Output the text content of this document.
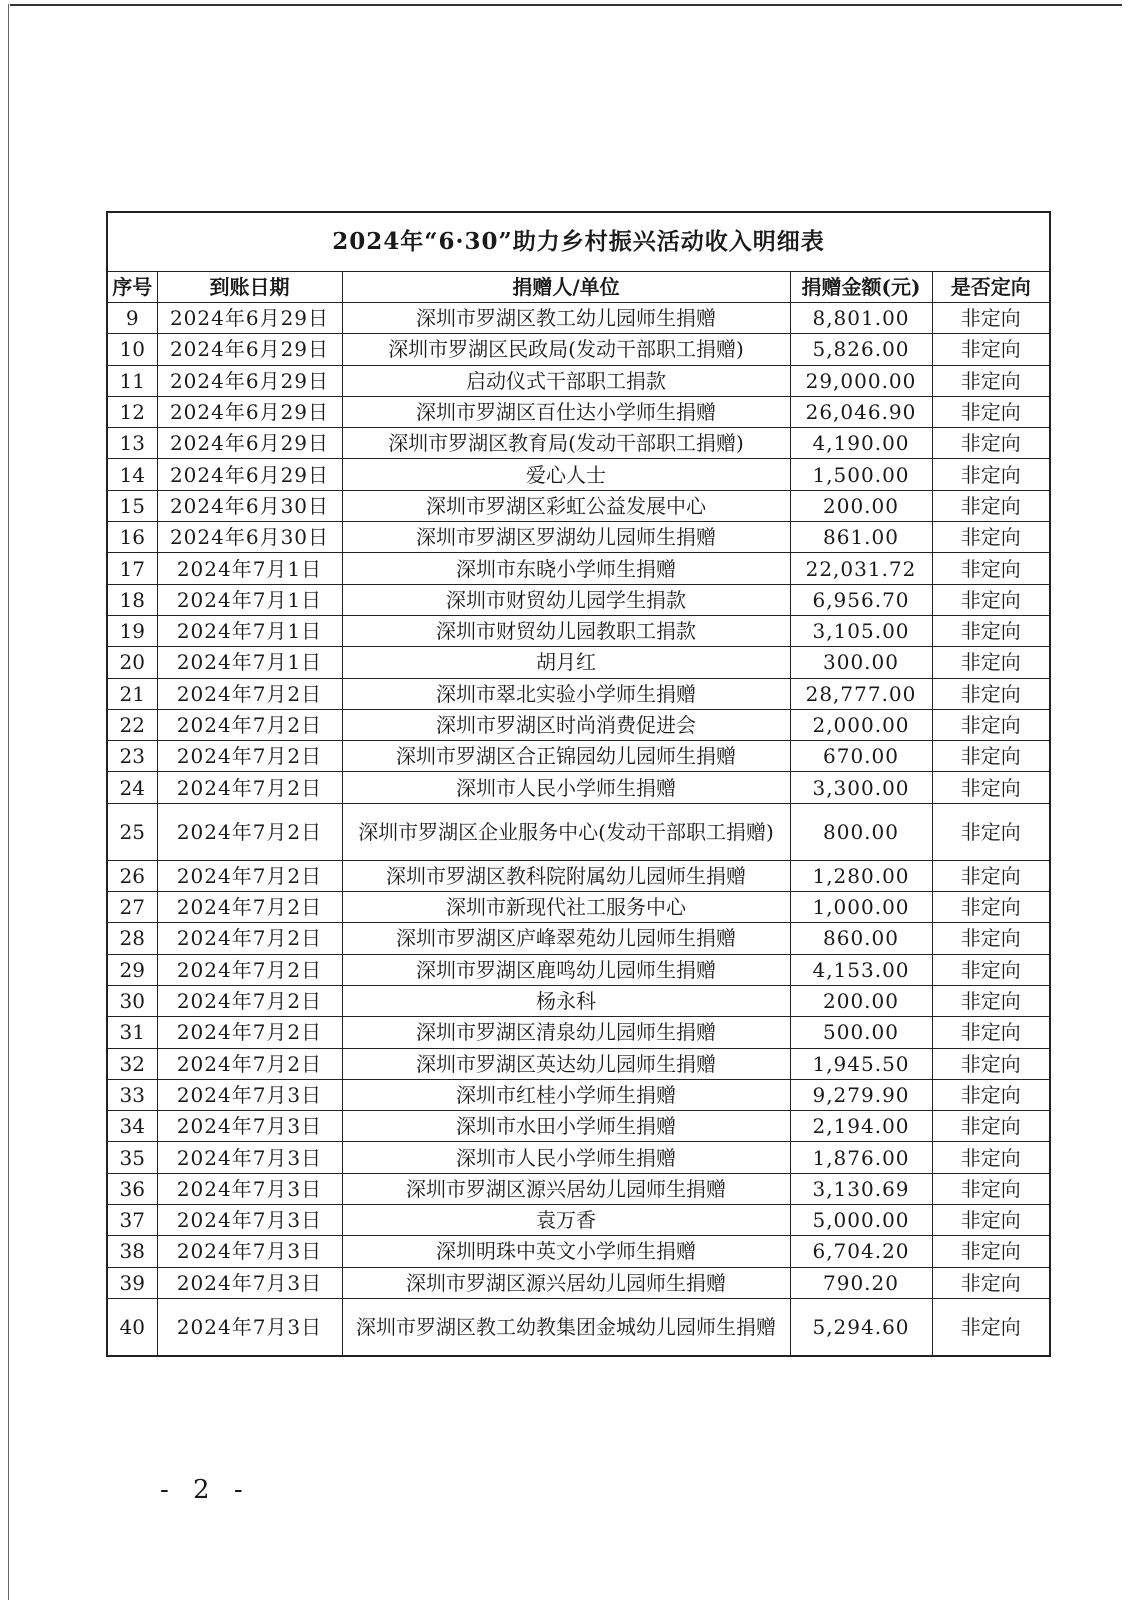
2024年“6·30”助力乡村振兴活动收入明细表				
序号	到账日期	捐赠人/单位	捐赠金额(元)	是否定向
9	2024年6月29日	深圳市罗湖区教工幼儿园师生捐赠	8,801.00	非定向
10	2024年6月29日	深圳市罗湖区民政局(发动干部职工捐赠)	5,826.00	非定向
11	2024年6月29日	启动仪式干部职工捐款	29,000.00	非定向
12	2024年6月29日	深圳市罗湖区百仕达小学师生捐赠	26,046.90	非定向
13	2024年6月29日	深圳市罗湖区教育局(发动干部职工捐赠)	4,190.00	非定向
14	2024年6月29日	爱心人士	1,500.00	非定向
15	2024年6月30日	深圳市罗湖区彩虹公益发展中心	200.00	非定向
16	2024年6月30日	深圳市罗湖区罗湖幼儿园师生捐赠	861.00	非定向
17	2024年7月1日	深圳市东晓小学师生捐赠	22,031.72	非定向
18	2024年7月1日	深圳市财贸幼儿园学生捐款	6,956.70	非定向
19	2024年7月1日	深圳市财贸幼儿园教职工捐款	3,105.00	非定向
20	2024年7月1日	胡月红	300.00	非定向
21	2024年7月2日	深圳市翠北实验小学师生捐赠	28,777.00	非定向
22	2024年7月2日	深圳市罗湖区时尚消费促进会	2,000.00	非定向
23	2024年7月2日	深圳市罗湖区合正锦园幼儿园师生捐赠	670.00	非定向
24	2024年7月2日	深圳市人民小学师生捐赠	3,300.00	非定向
25	2024年7月2日	深圳市罗湖区企业服务中心(发动干部职工捐赠)	800.00	非定向
26	2024年7月2日	深圳市罗湖区教科院附属幼儿园师生捐赠	1,280.00	非定向
27	2024年7月2日	深圳市新现代社工服务中心	1,000.00	非定向
28	2024年7月2日	深圳市罗湖区庐峰翠苑幼儿园师生捐赠	860.00	非定向
29	2024年7月2日	深圳市罗湖区鹿鸣幼儿园师生捐赠	4,153.00	非定向
30	2024年7月2日	杨永科	200.00	非定向
31	2024年7月2日	深圳市罗湖区清泉幼儿园师生捐赠	500.00	非定向
32	2024年7月2日	深圳市罗湖区英达幼儿园师生捐赠	1,945.50	非定向
33	2024年7月3日	深圳市红桂小学师生捐赠	9,279.90	非定向
34	2024年7月3日	深圳市水田小学师生捐赠	2,194.00	非定向
35	2024年7月3日	深圳市人民小学师生捐赠	1,876.00	非定向
36	2024年7月3日	深圳市罗湖区源兴居幼儿园师生捐赠	3,130.69	非定向
37	2024年7月3日	袁万香	5,000.00	非定向
38	2024年7月3日	深圳明珠中英文小学师生捐赠	6,704.20	非定向
39	2024年7月3日	深圳市罗湖区源兴居幼儿园师生捐赠	790.20	非定向
40	2024年7月3日	深圳市罗湖区教工幼教集团金城幼儿园师生捐赠	5,294.60	非定向
- 2 -
